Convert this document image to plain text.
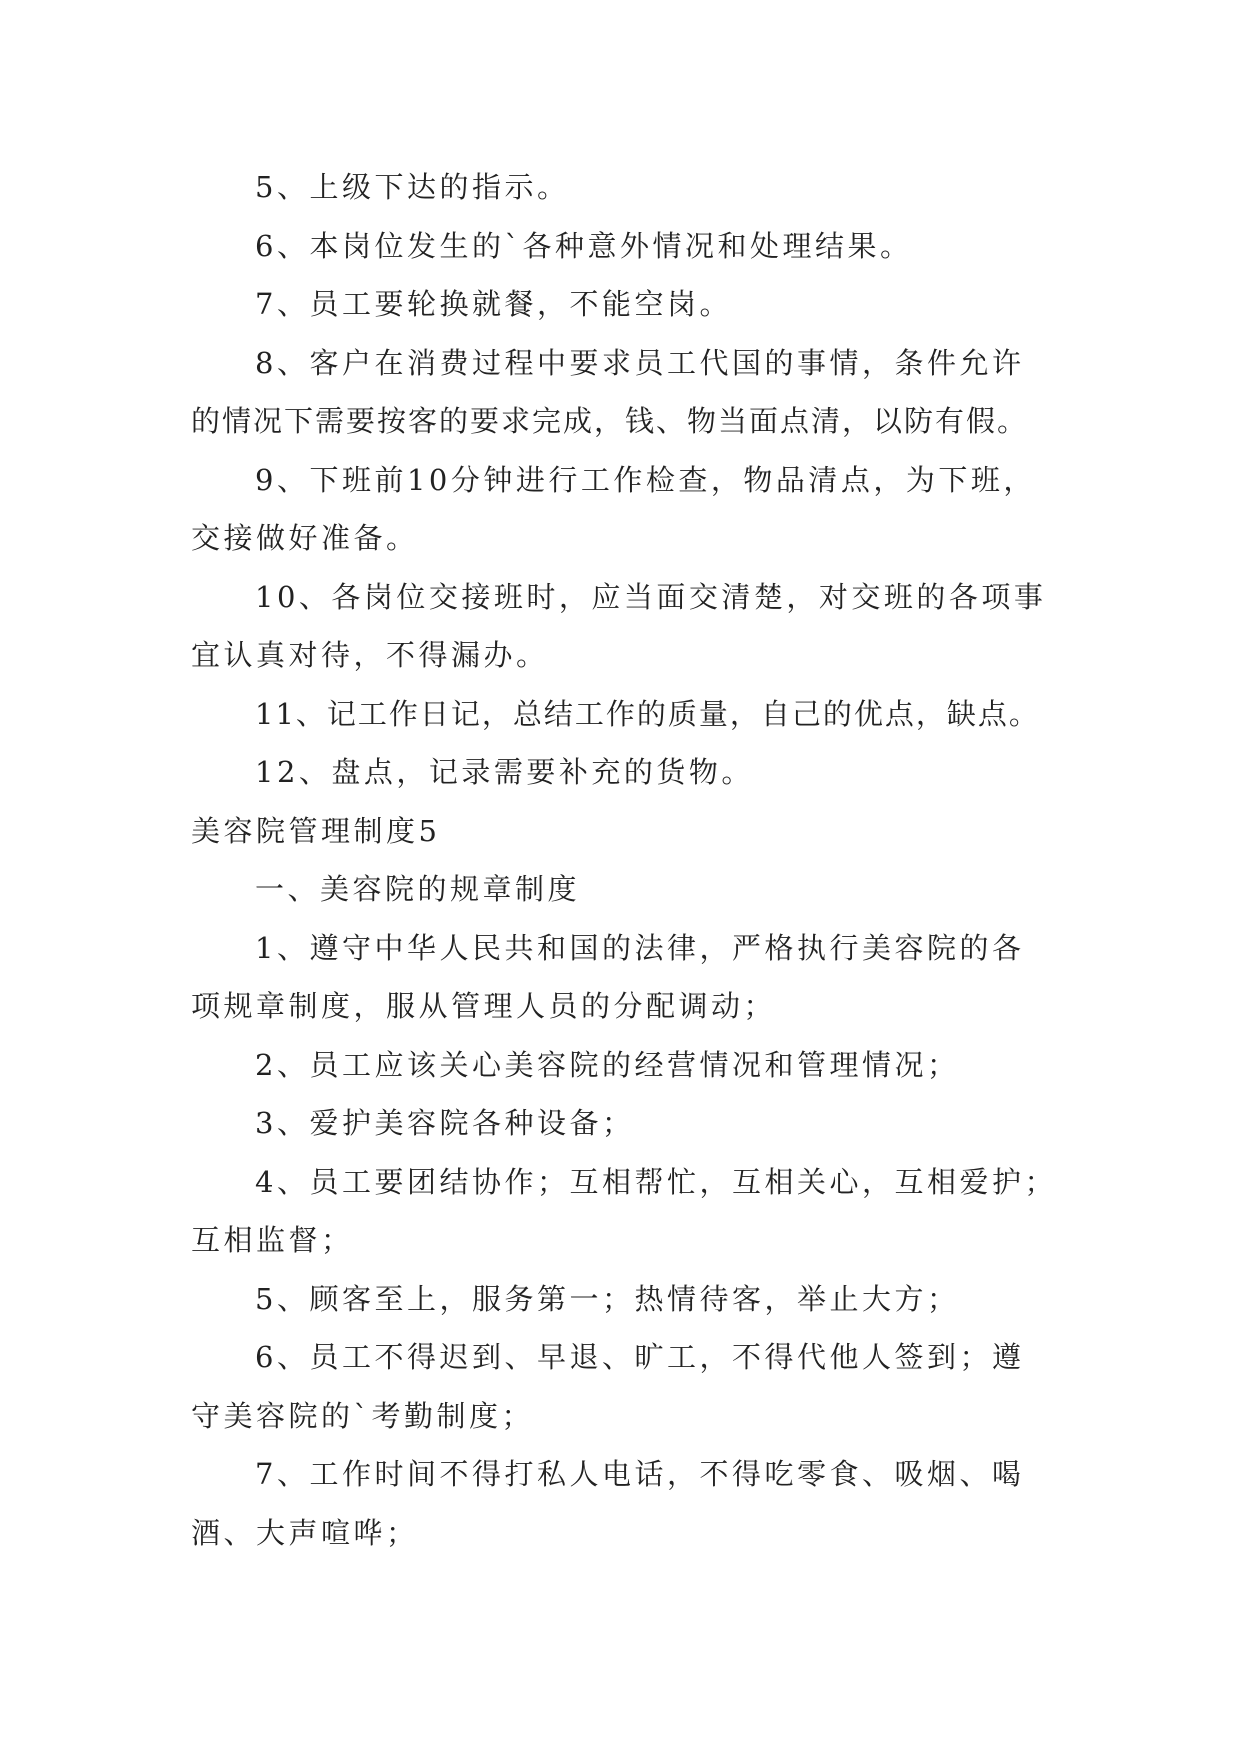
5、上级下达的指示。

6、本岗位发生的`各种意外情况和处理结果。

7、员工要轮换就餐，不能空岗。

8、客户在消费过程中要求员工代国的事情，条件允许

的情况下需要按客的要求完成，钱、物当面点清，以防有假。

9、下班前10分钟进行工作检查，物品清点，为下班，

交接做好准备。

10、各岗位交接班时，应当面交清楚，对交班的各项事

宜认真对待，不得漏办。

11、记工作日记，总结工作的质量，自己的优点，缺点。

12、盘点，记录需要补充的货物。

美容院管理制度5

一、美容院的规章制度

1、遵守中华人民共和国的法律，严格执行美容院的各

项规章制度，服从管理人员的分配调动；

2、员工应该关心美容院的经营情况和管理情况；

3、爱护美容院各种设备；

4、员工要团结协作；互相帮忙，互相关心，互相爱护；

互相监督；

5、顾客至上，服务第一；热情待客，举止大方；

6、员工不得迟到、早退、旷工，不得代他人签到；遵

守美容院的`考勤制度；

7、工作时间不得打私人电话，不得吃零食、吸烟、喝

酒、大声喧哗；
